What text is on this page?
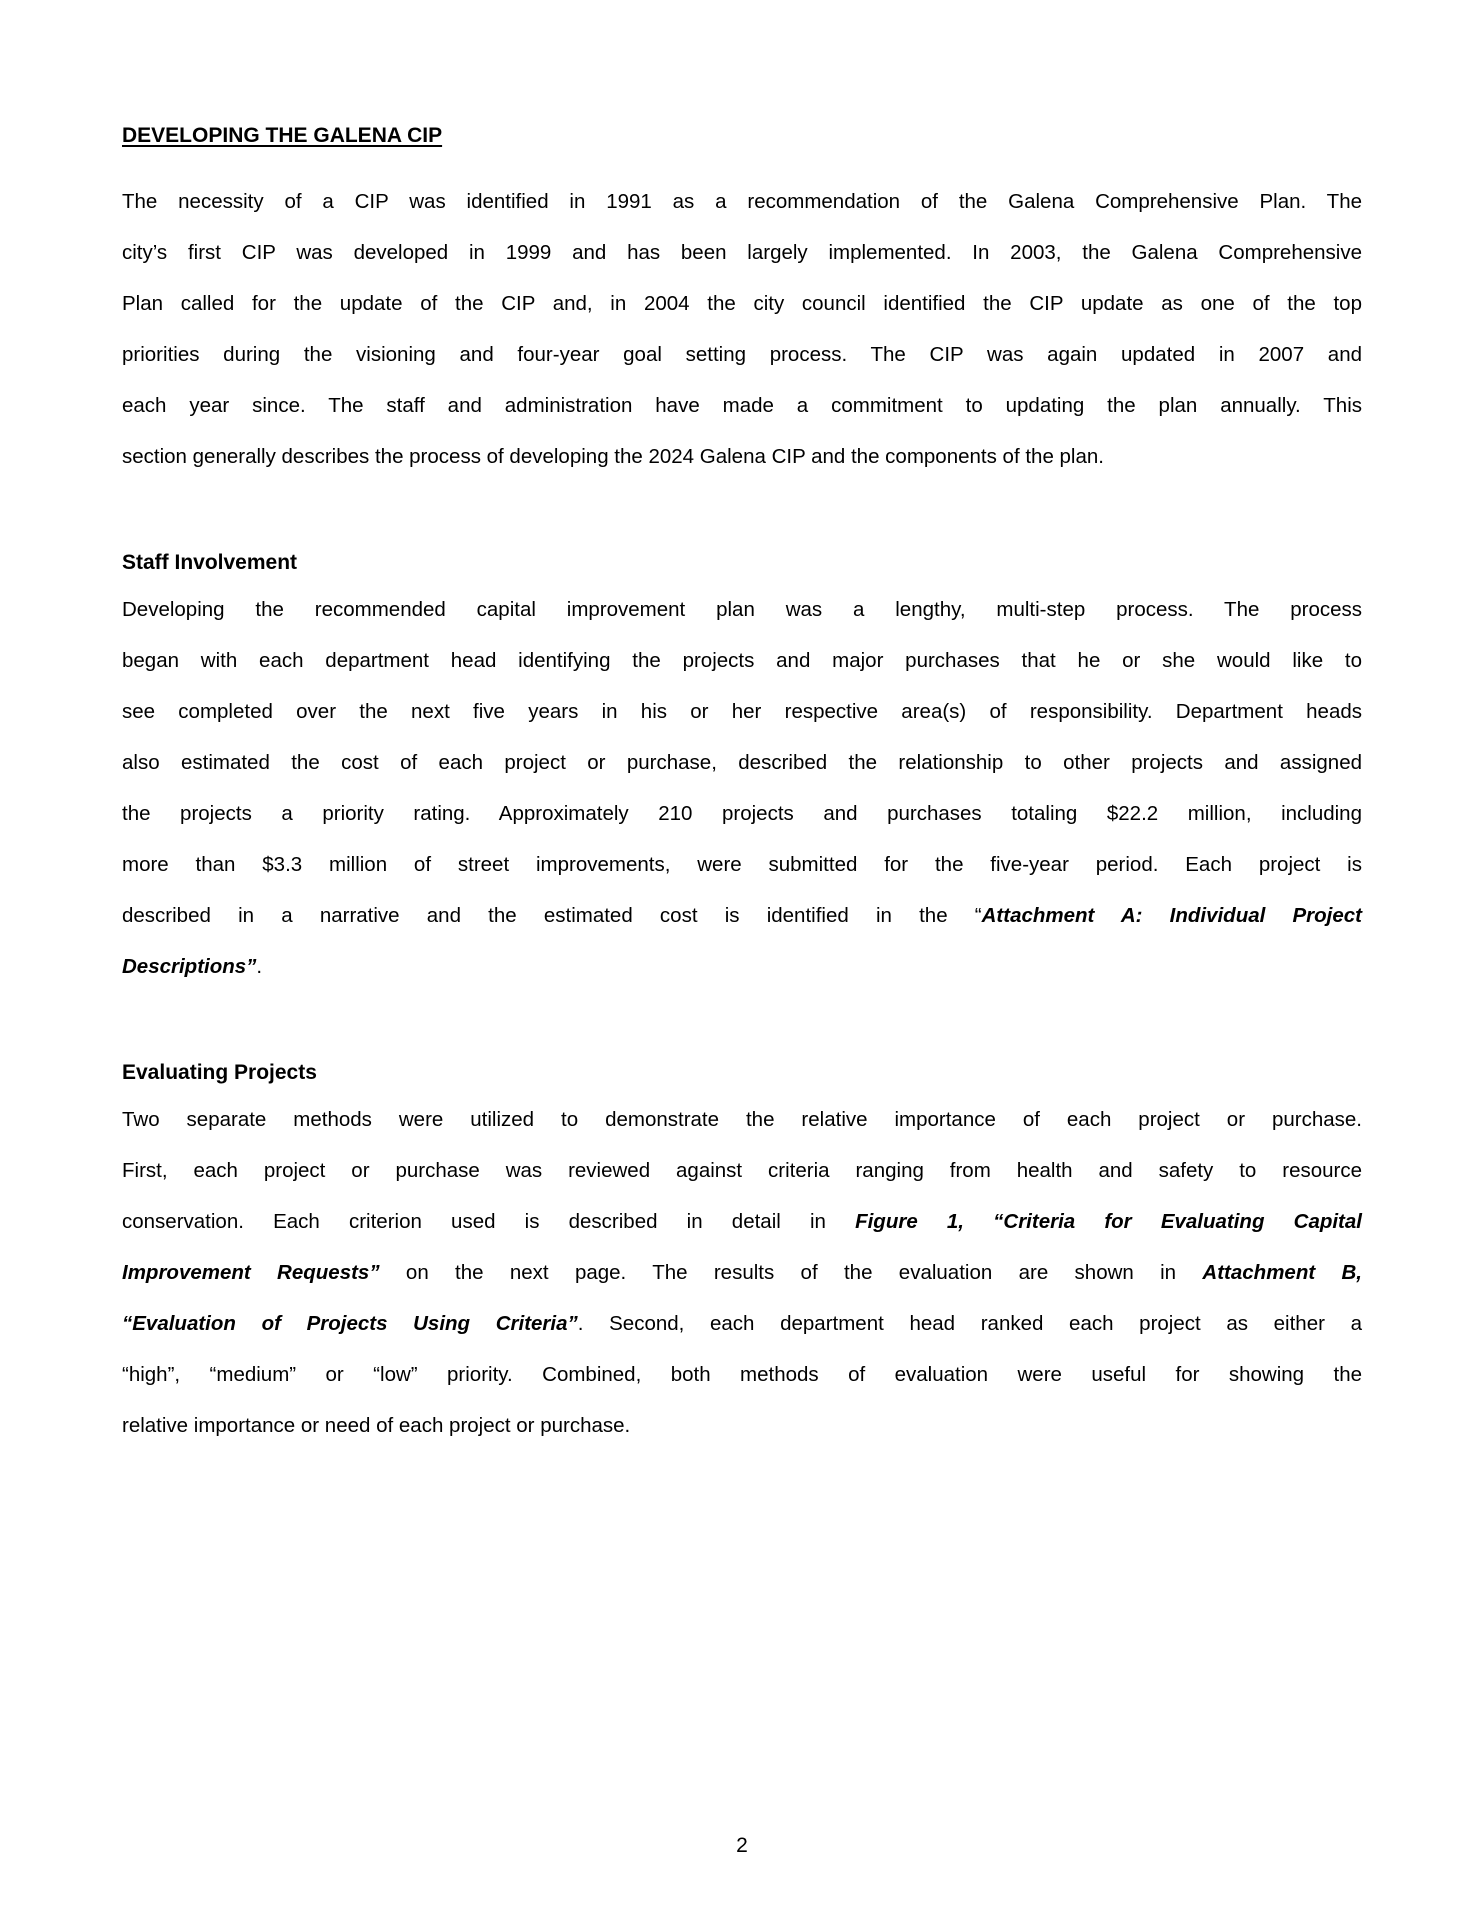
DEVELOPING THE GALENA CIP
The necessity of a CIP was identified in 1991 as a recommendation of the Galena Comprehensive Plan. The
city’s first CIP was developed in 1999 and has been largely implemented. In 2003, the Galena Comprehensive
Plan called for the update of the CIP and, in 2004 the city council identified the CIP update as one of the top
priorities during the visioning and four-year goal setting process. The CIP was again updated in 2007 and
each year since. The staff and administration have made a commitment to updating the plan annually. This
section generally describes the process of developing the 2024 Galena CIP and the components of the plan.
Staff Involvement
Developing the recommended capital improvement plan was a lengthy, multi-step process. The process
began with each department head identifying the projects and major purchases that he or she would like to
see completed over the next five years in his or her respective area(s) of responsibility. Department heads
also estimated the cost of each project or purchase, described the relationship to other projects and assigned
the projects a priority rating. Approximately 210 projects and purchases totaling $22.2 million, including
more than $3.3 million of street improvements, were submitted for the five-year period. Each project is
described in a narrative and the estimated cost is identified in the “Attachment A: Individual Project
Descriptions”.
Evaluating Projects
Two separate methods were utilized to demonstrate the relative importance of each project or purchase.
First, each project or purchase was reviewed against criteria ranging from health and safety to resource
conservation. Each criterion used is described in detail in Figure 1, “Criteria for Evaluating Capital
Improvement Requests” on the next page. The results of the evaluation are shown in Attachment B,
“Evaluation of Projects Using Criteria”. Second, each department head ranked each project as either a
“high”, “medium” or “low” priority. Combined, both methods of evaluation were useful for showing the
relative importance or need of each project or purchase.

2
